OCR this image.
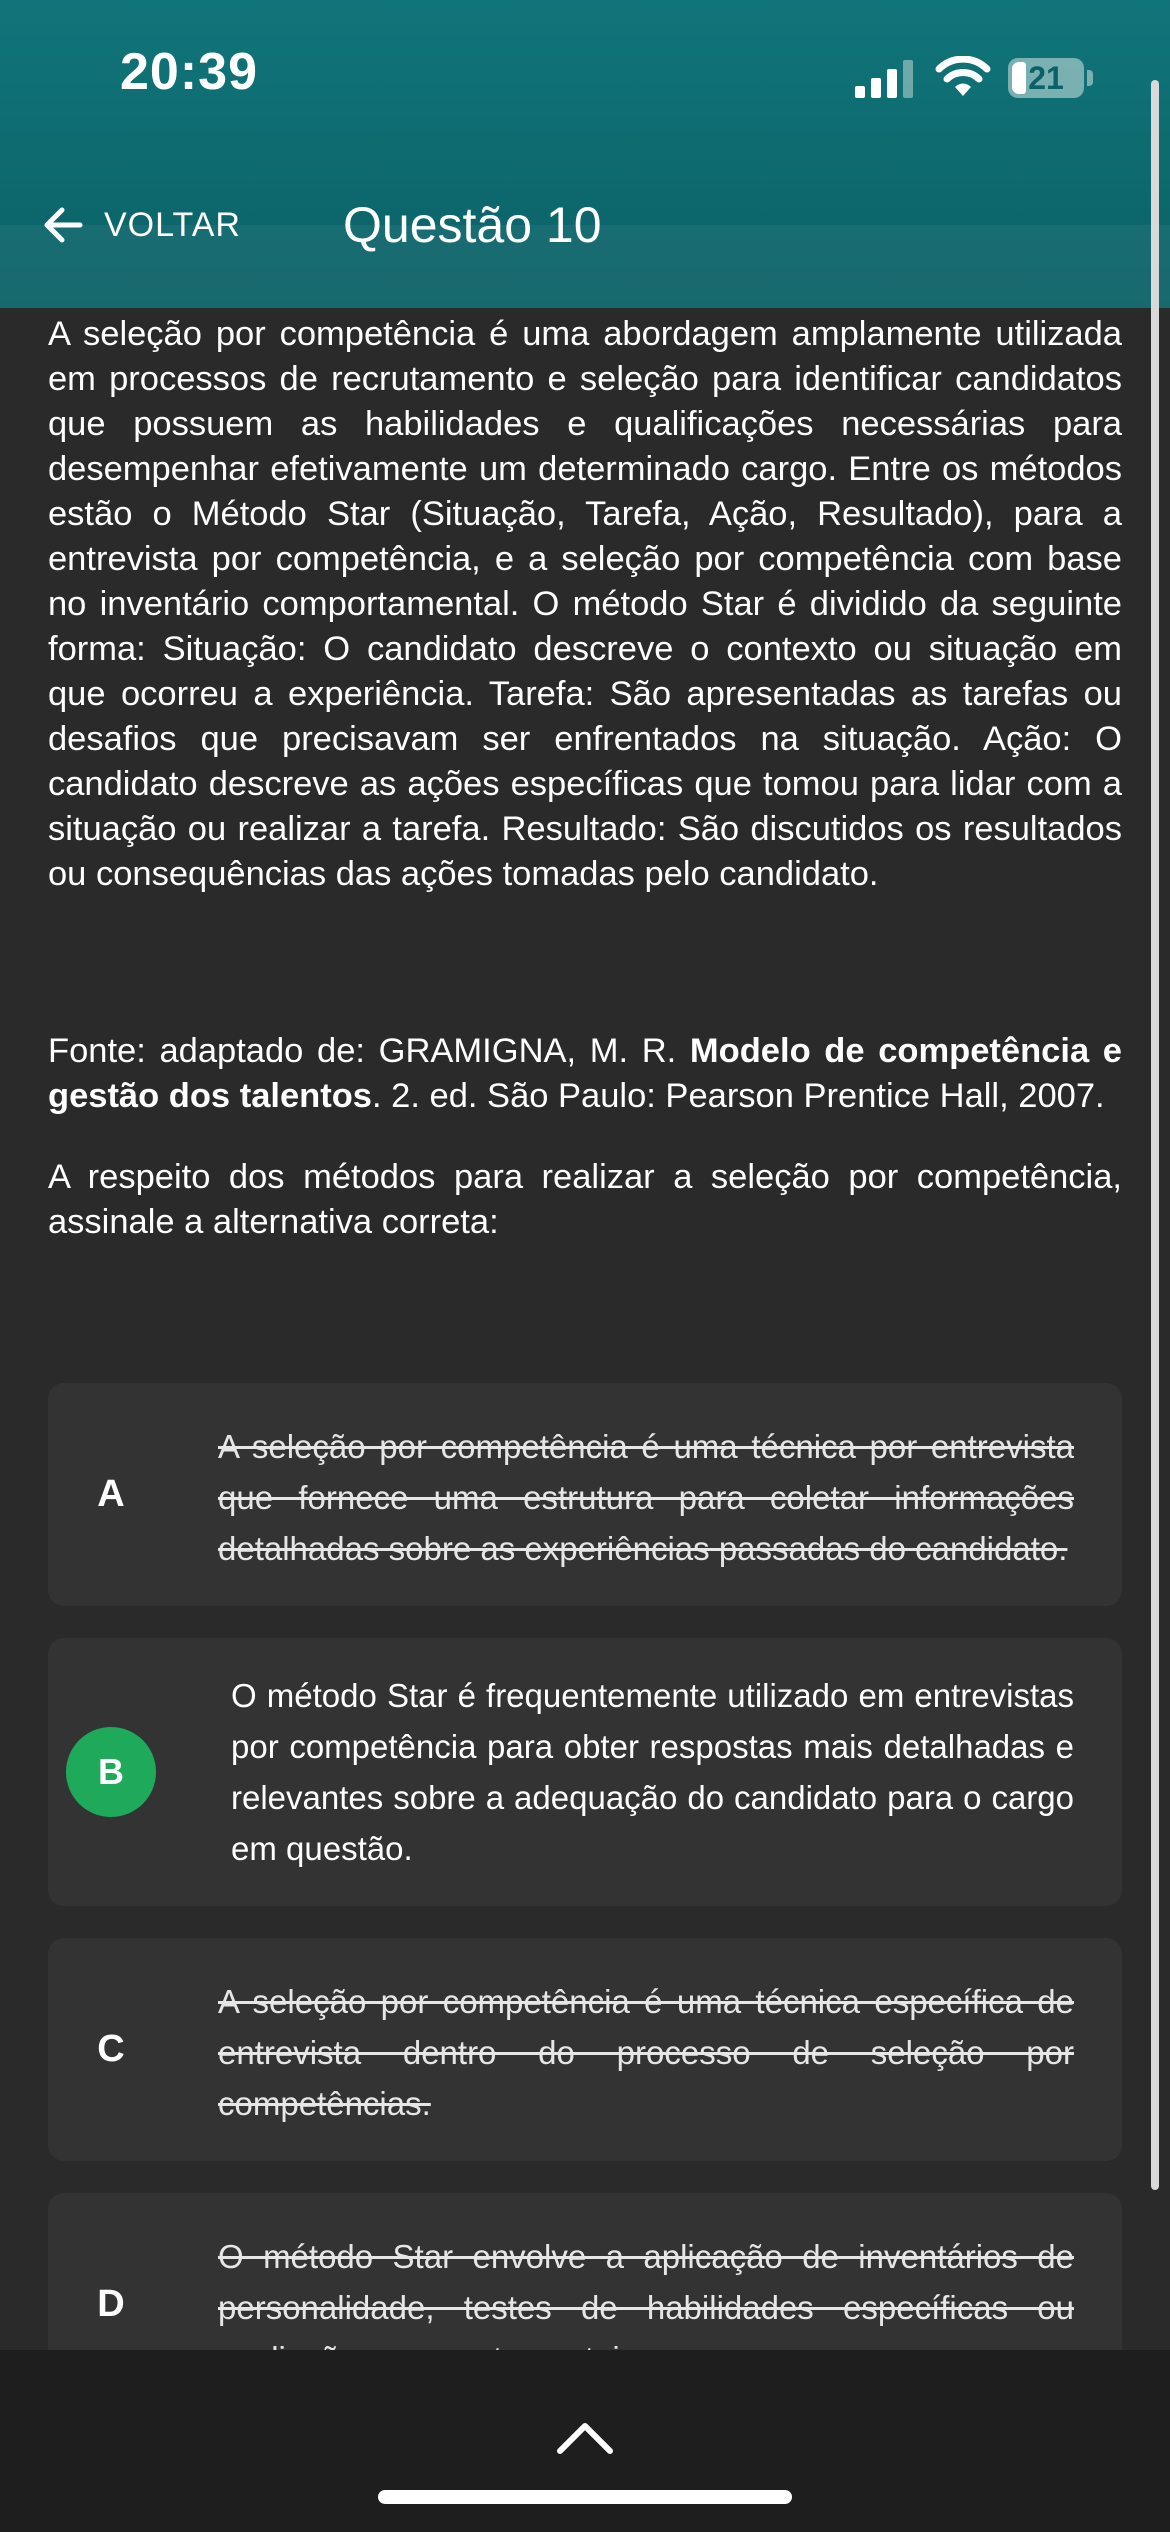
20:39	21
VOLTAR Questão 10

A seleção por competência é uma abordagem amplamente utilizada em processos de recrutamento e seleção para identificar candidatos que possuem as habilidades e qualificações necessárias para desempenhar efetivamente um determinado cargo. Entre os métodos estão o Método Star (Situação, Tarefa, Ação, Resultado), para a entrevista por competência, e a seleção por competência com base no inventário comportamental. O método Star é dividido da seguinte forma: Situação: O candidato descreve o contexto ou situação em que ocorreu a experiência. Tarefa: São apresentadas as tarefas ou desafios que precisavam ser enfrentados na situação. Ação: O candidato descreve as ações específicas que tomou para lidar com a situação ou realizar a tarefa. Resultado: São discutidos os resultados ou consequências das ações tomadas pelo candidato.

Fonte: adaptado de: GRAMIGNA, M. R. Modelo de competência e gestão dos talentos. 2. ed. São Paulo: Pearson Prentice Hall, 2007.

A respeito dos métodos para realizar a seleção por competência, assinale a alternativa correta:

A

A seleção por competência é uma técnica por entrevista que fornece uma estrutura para coletar informações detalhadas sobre as experiências passadas do candidato.

B

O método Star é frequentemente utilizado em entrevistas por competência para obter respostas mais detalhadas e relevantes sobre a adequação do candidato para o cargo em questão.

C

A seleção por competência é uma técnica específica de entrevista dentro do processo de seleção por competências.

D

O método Star envolve a aplicação de inventários de personalidade, testes de habilidades específicas ou
